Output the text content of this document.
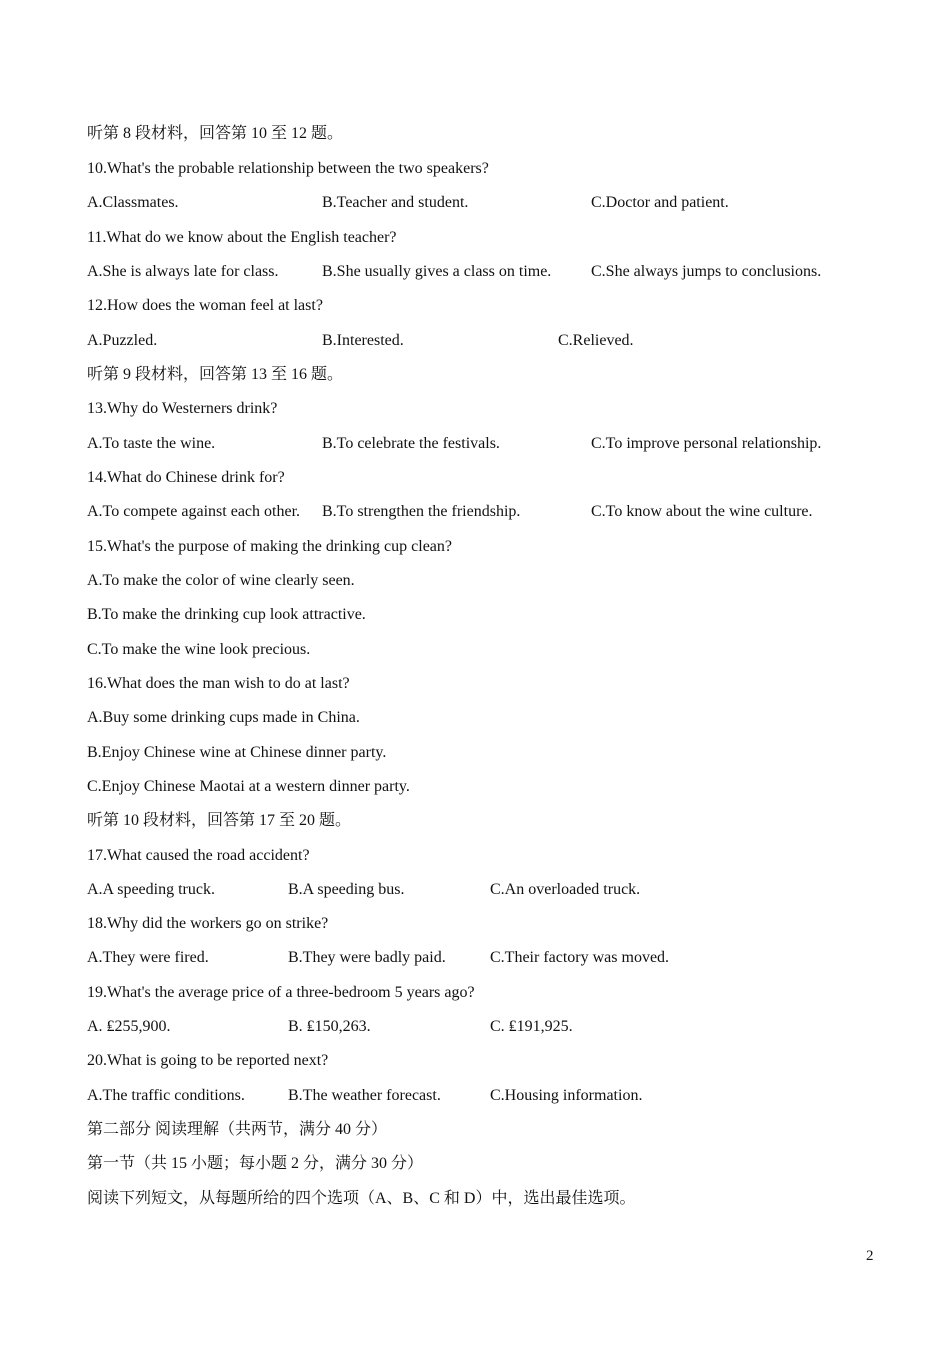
听第 8 段材料，回答第 10 至 12 题。
10.What's the probable relationship between the two speakers?
A.Classmates.	B.Teacher and student.	C.Doctor and patient.
11.What do we know about the English teacher?
A.She is always late for class.	B.She usually gives a class on time. C.She always jumps to conclusions.
12.How does the woman feel at last?
A.Puzzled.	B.Interested.	C.Relieved.
听第 9 段材料，回答第 13 至 16 题。
13.Why do Westerners drink?
A.To taste the wine.	B.To celebrate the festivals.	C.To improve personal relationship.
14.What do Chinese drink for?
A.To compete against each other. B.To strengthen the friendship.	C.To know about the wine culture.
15.What's the purpose of making the drinking cup clean?
A.To make the color of wine clearly seen.
B.To make the drinking cup look attractive.
C.To make the wine look precious.
16.What does the man wish to do at last?
A.Buy some drinking cups made in China.
B.Enjoy Chinese wine at Chinese dinner party.
C.Enjoy Chinese Maotai at a western dinner party.
听第 10 段材料，回答第 17 至 20 题。
17.What caused the road accident?
A.A speeding truck.	B.A speeding bus.	C.An overloaded truck.
18.Why did the workers go on strike?
A.They were fired.	B.They were badly paid.	C.Their factory was moved.
19.What's the average price of a three-bedroom 5 years ago?
A. ₤255,900.	B. ₤150,263.	C. ₤191,925.
20.What is going to be reported next?
A.The traffic conditions.	B.The weather forecast.	C.Housing information.
第二部分 阅读理解（共两节，满分 40 分）
第一节（共 15 小题；每小题 2 分，满分 30 分）
阅读下列短文，从每题所给的四个选项（A、B、C 和 D）中，选出最佳选项。
2
